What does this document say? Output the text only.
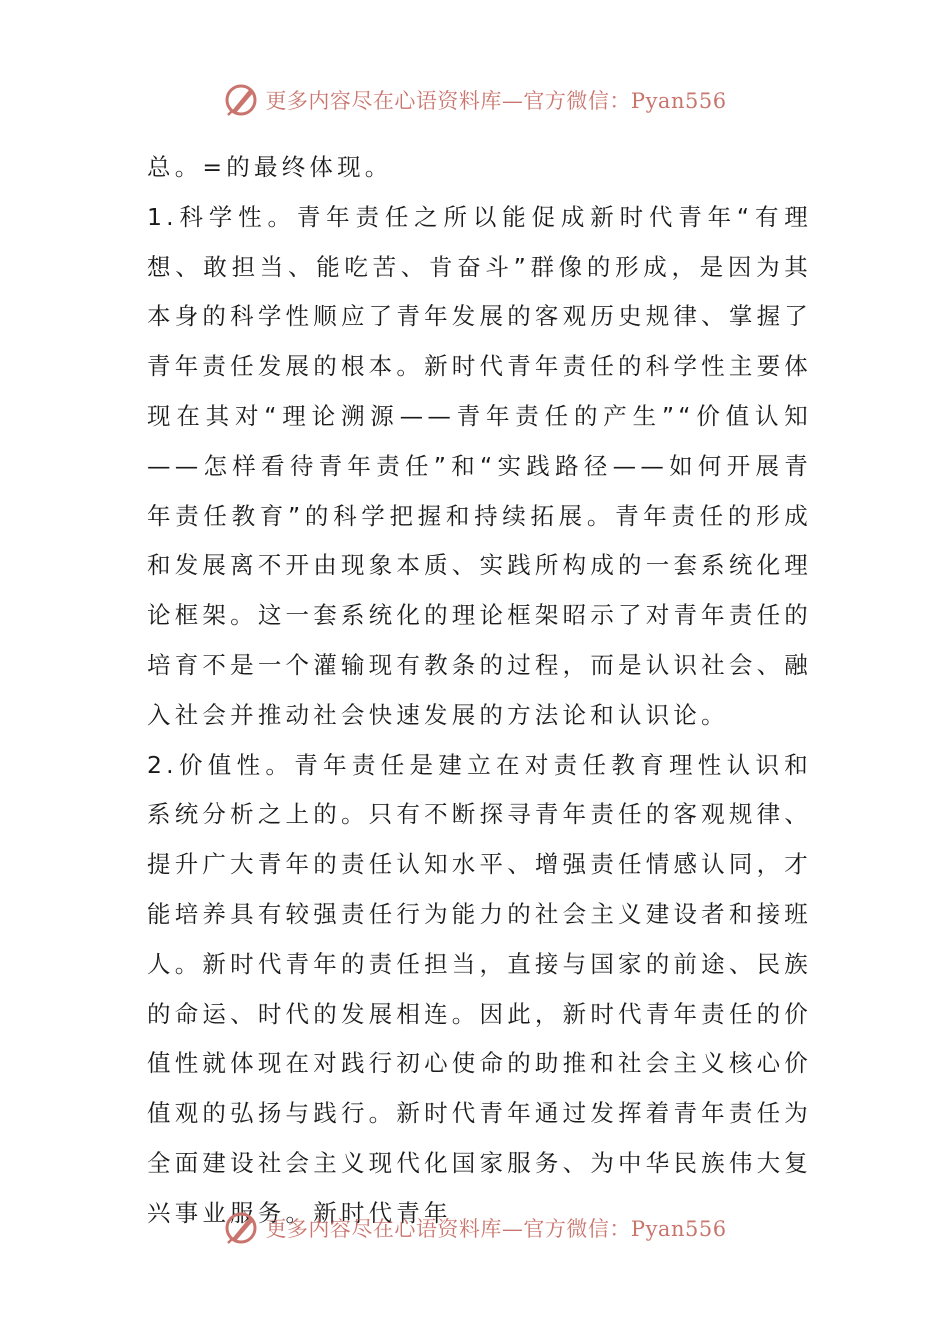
更多内容尽在心语资料库—官方微信：Pyan556

总。=的最终体现。

1.科学性。青年责任之所以能促成新时代青年“有理想、敢担当、能吃苦、肯奋斗”群像的形成，是因为其本身的科学性顺应了青年发展的客观历史规律、掌握了青年责任发展的根本。新时代青年责任的科学性主要体现在其对“理论溯源——青年责任的产生”“价值认知——怎样看待青年责任”和“实践路径——如何开展青年责任教育”的科学把握和持续拓展。青年责任的形成和发展离不开由现象本质、实践所构成的一套系统化理论框架。这一套系统化的理论框架昭示了对青年责任的培育不是一个灌输现有教条的过程，而是认识社会、融入社会并推动社会快速发展的方法论和认识论。

2.价值性。青年责任是建立在对责任教育理性认识和系统分析之上的。只有不断探寻青年责任的客观规律、提升广大青年的责任认知水平、增强责任情感认同，才能培养具有较强责任行为能力的社会主义建设者和接班人。新时代青年的责任担当，直接与国家的前途、民族的命运、时代的发展相连。因此，新时代青年责任的价值性就体现在对践行初心使命的助推和社会主义核心价值观的弘扬与践行。新时代青年通过发挥着青年责任为全面建设社会主义现代化国家服务、为中华民族伟大复兴事业服务。新时代青年

更多内容尽在心语资料库—官方微信：Pyan556
